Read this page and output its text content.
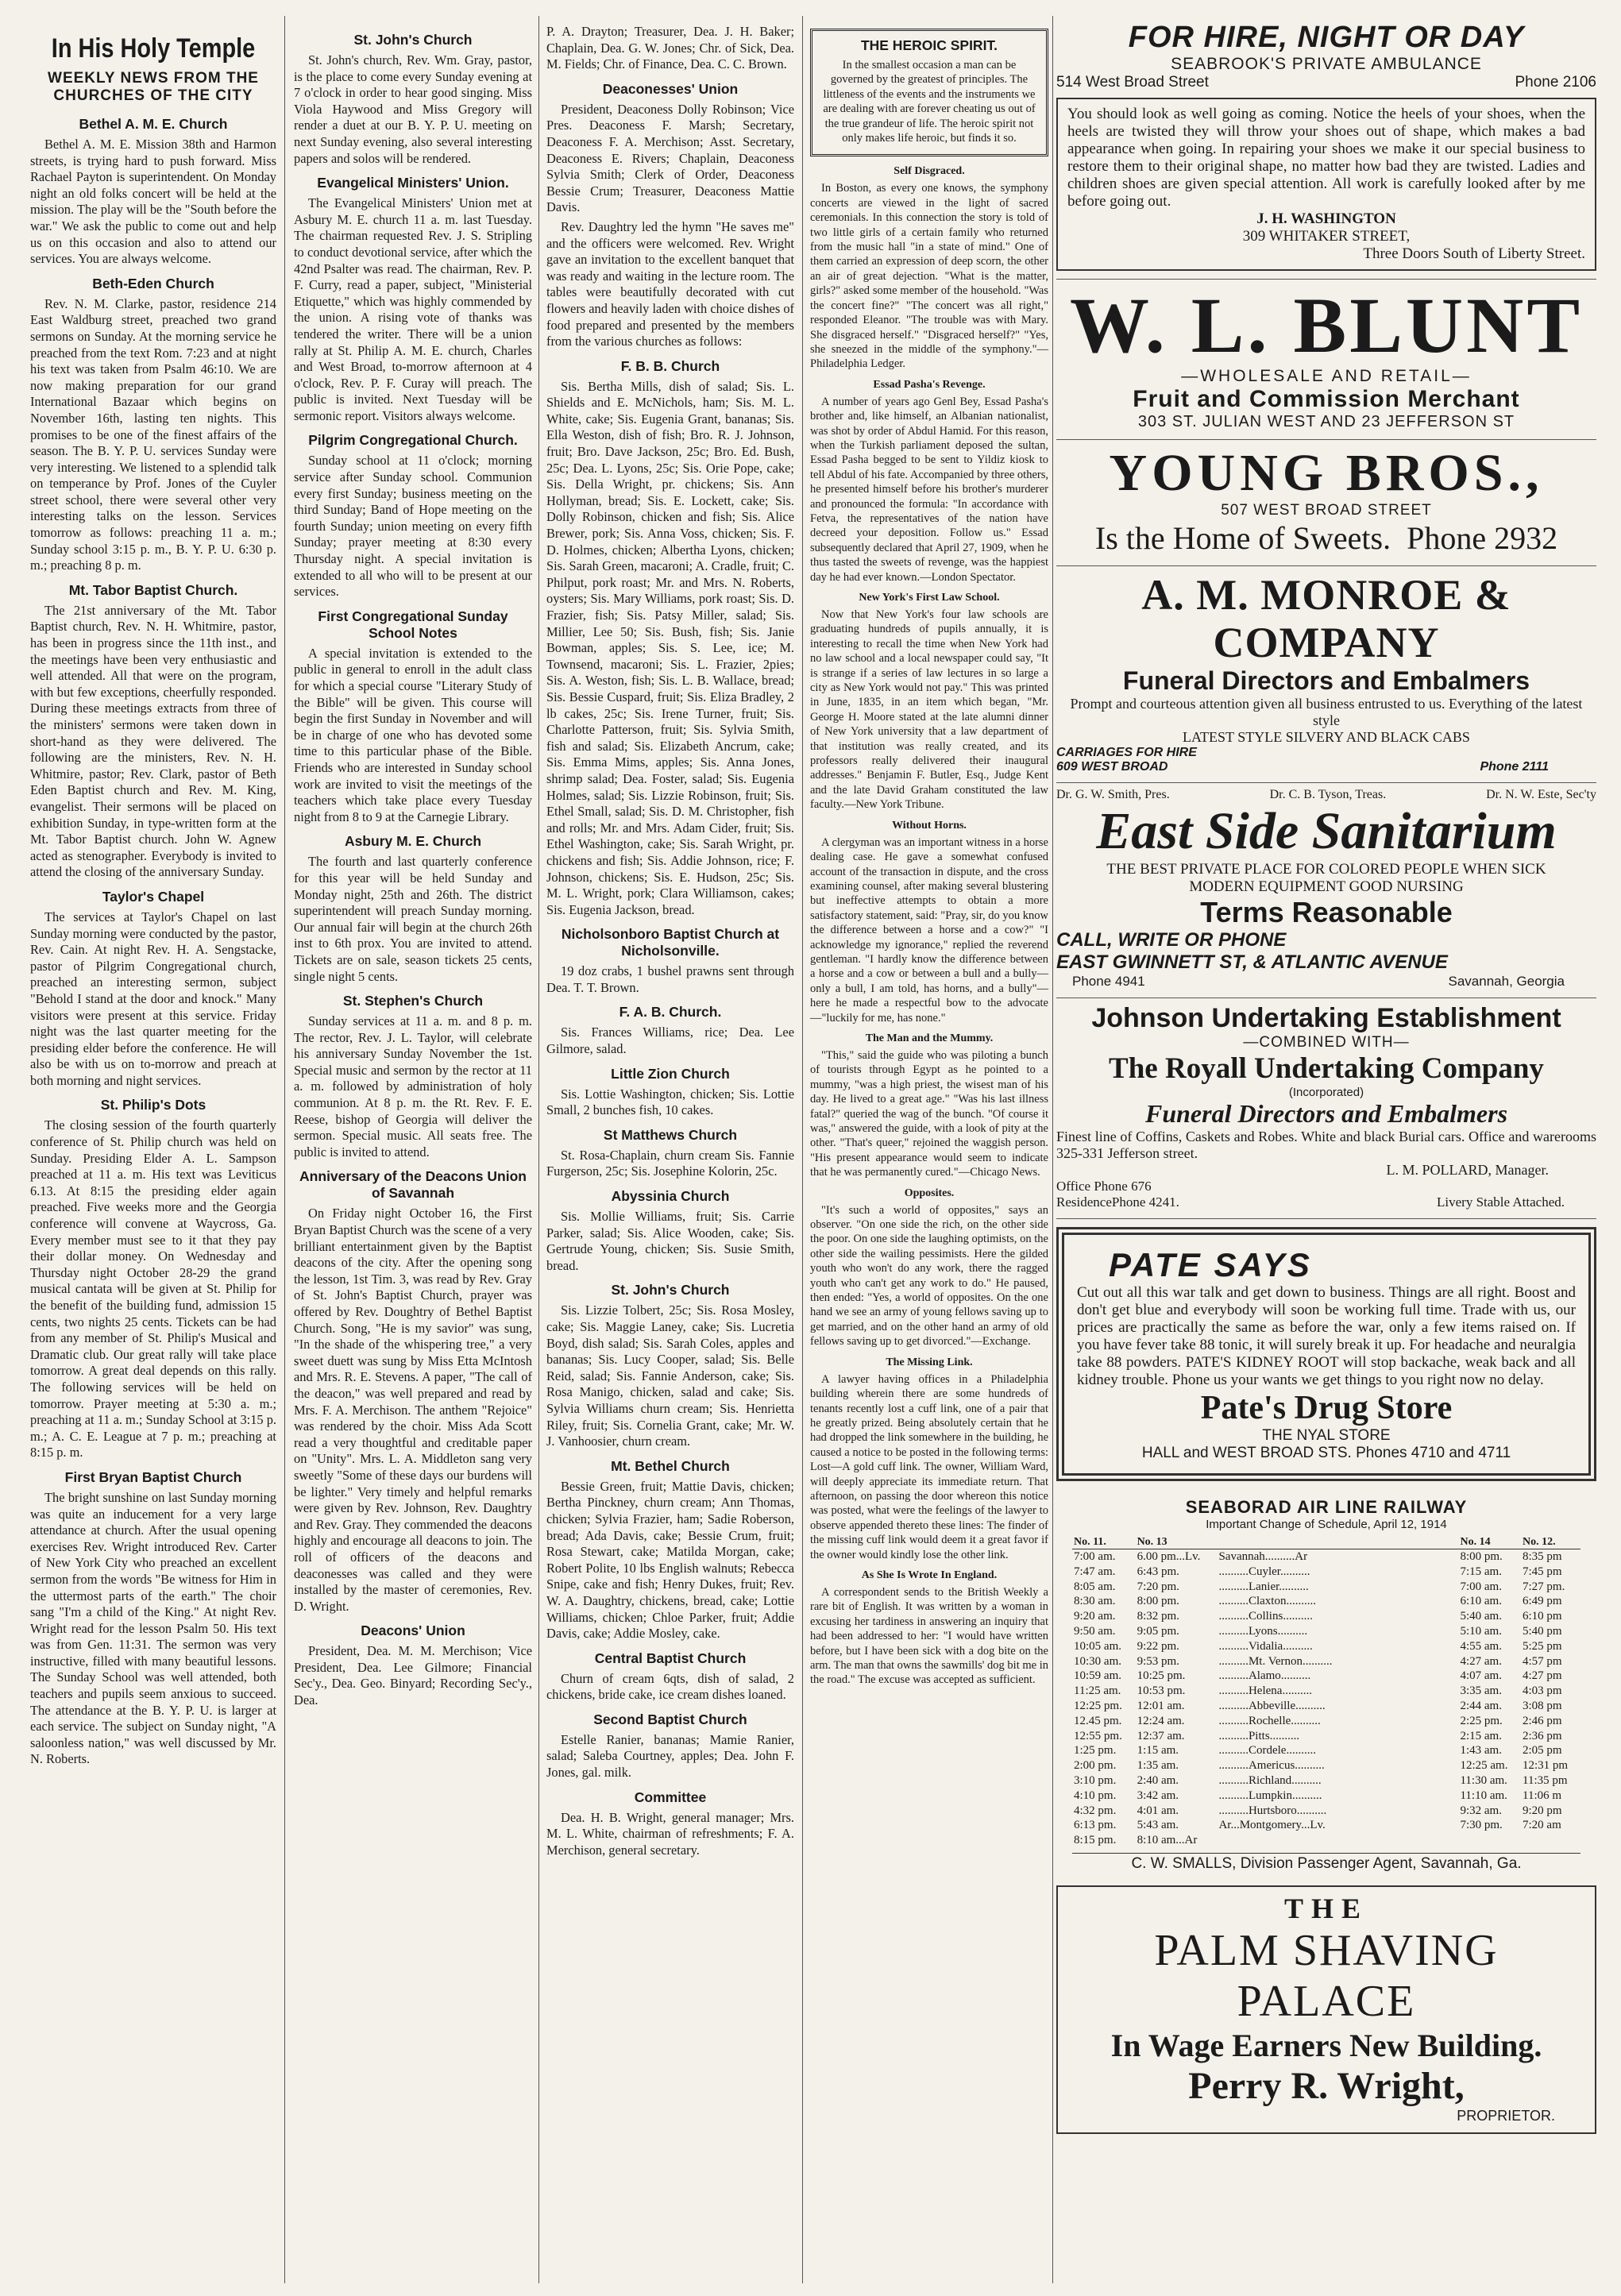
In His Holy Temple
WEEKLY NEWS FROM THE CHURCHES OF THE CITY
Bethel A. M. E. Church

Bethel A. M. E. Mission 38th and Harmon streets, is trying hard to push forward. Miss Rachael Payton is superintendent. On Monday night an old folks concert will be held at the mission. The play will be the "South before the war." We ask the public to come out and help us on this occasion and also to attend our services. You are always welcome.

Beth-Eden Church

Rev. N. M. Clarke, pastor, residence 214 East Waldburg street, preached two grand sermons on Sunday. At the morning service he preached from the text Rom. 7:23 and at night his text was taken from Psalm 46:10. We are now making preparation for our grand International Bazaar which begins on November 16th, lasting ten nights. This promises to be one of the finest affairs of the season. The B. Y. P. U. services Sunday were very interesting. We listened to a splendid talk on temperance by Prof. Jones of the Cuyler street school, there were several other very interesting talks on the lesson. Services tomorrow as follows: preaching 11 a. m.; Sunday school 3:15 p. m., B. Y. P. U. 6:30 p. m.; preaching 8 p. m.

Mt. Tabor Baptist Church.

The 21st anniversary of the Mt. Tabor Baptist church, Rev. N. H. Whitmire, pastor, has been in progress since the 11th inst., and the meetings have been very enthusiastic and well attended. All that were on the program, with but few exceptions, cheerfully responded. During these meetings extracts from three of the ministers' sermons were taken down in short-hand as they were delivered. The following are the ministers, Rev. N. H. Whitmire, pastor; Rev. Clark, pastor of Beth Eden Baptist church and Rev. M. King, evangelist. Their sermons will be placed on exhibition Sunday, in type-written form at the Mt. Tabor Baptist church. John W. Agnew acted as stenographer. Everybody is invited to attend the closing of the anniversary Sunday.

Taylor's Chapel

The services at Taylor's Chapel on last Sunday morning were conducted by the pastor, Rev. Cain. At night Rev. H. A. Sengstacke, pastor of Pilgrim Congregational church, preached an interesting sermon, subject "Behold I stand at the door and knock." Many visitors were present at this service. Friday night was the last quarter meeting for the presiding elder before the conference. He will also be with us on to-morrow and preach at both morning and night services.

St. Philip's Dots

The closing session of the fourth quarterly conference of St. Philip church was held on Sunday. Presiding Elder A. L. Sampson preached at 11 a. m. His text was Leviticus 6.13. At 8:15 the presiding elder again preached. Five weeks more and the Georgia conference will convene at Waycross, Ga. Every member must see to it that they pay their dollar money. On Wednesday and Thursday night October 28-29 the grand musical cantata will be given at St. Philip for the benefit of the building fund, admission 15 cents, two nights 25 cents. Tickets can be had from any member of St. Philip's Musical and Dramatic club. Our great rally will take place tomorrow. A great deal depends on this rally. The following services will be held on tomorrow. Prayer meeting at 5:30 a. m.; preaching at 11 a. m.; Sunday School at 3:15 p. m.; A. C. E. League at 7 p. m.; preaching at 8:15 p. m.

First Bryan Baptist Church

The bright sunshine on last Sunday morning was quite an inducement for a very large attendance at church. After the usual opening exercises Rev. Wright introduced Rev. Carter of New York City who preached an excellent sermon from the words "Be witness for Him in the uttermost parts of the earth." The choir sang "I'm a child of the King." At night Rev. Wright read for the lesson Psalm 50. His text was from Gen. 11:31. The sermon was very instructive, filled with many beautiful lessons. The Sunday School was well attended, both teachers and pupils seem anxious to succeed. The attendance at the B. Y. P. U. is larger at each service. The subject on Sunday night, "A saloonless nation," was well discussed by Mr. N. Roberts.

St. John's Church

St. John's church, Rev. Wm. Gray, pastor, is the place to come every Sunday evening at 7 o'clock in order to hear good singing. Miss Viola Haywood and Miss Gregory will render a duet at our B. Y. P. U. meeting on next Sunday evening, also several interesting papers and solos will be rendered.

Evangelical Ministers' Union.

The Evangelical Ministers' Union met at Asbury M. E. church 11 a. m. last Tuesday. The chairman requested Rev. J. S. Stripling to conduct devotional service, after which the 42nd Psalter was read. The chairman, Rev. P. F. Curry, read a paper, subject, "Ministerial Etiquette," which was highly commended by the union. A rising vote of thanks was tendered the writer. There will be a union rally at St. Philip A. M. E. church, Charles and West Broad, to-morrow afternoon at 4 o'clock, Rev. P. F. Curay will preach. The public is invited. Next Tuesday will be sermonic report. Visitors always welcome.

Pilgrim Congregational Church.

Sunday school at 11 o'clock; morning service after Sunday school. Communion every first Sunday; business meeting on the third Sunday; Band of Hope meeting on the fourth Sunday; union meeting on every fifth Sunday; prayer meeting at 8:30 every Thursday night. A special invitation is extended to all who will to be present at our services.

First Congregational Sunday School Notes

A special invitation is extended to the public in general to enroll in the adult class for which a special course "Literary Study of the Bible" will be given. This course will begin the first Sunday in November and will be in charge of one who has devoted some time to this particular phase of the Bible. Friends who are interested in Sunday school work are invited to visit the meetings of the teachers which take place every Tuesday night from 8 to 9 at the Carnegie Library.

Asbury M. E. Church

The fourth and last quarterly conference for this year will be held Sunday and Monday night, 25th and 26th. The district superintendent will preach Sunday morning. Our annual fair will begin at the church 26th inst to 6th prox. You are invited to attend. Tickets are on sale, season tickets 25 cents, single night 5 cents.

St. Stephen's Church

Sunday services at 11 a. m. and 8 p. m. The rector, Rev. J. L. Taylor, will celebrate his anniversary Sunday November the 1st. Special music and sermon by the rector at 11 a. m. followed by administration of holy communion. At 8 p. m. the Rt. Rev. F. E. Reese, bishop of Georgia will deliver the sermon. Special music. All seats free. The public is invited to attend.

Anniversary of the Deacons Union of Savannah

On Friday night October 16, the First Bryan Baptist Church was the scene of a very brilliant entertainment given by the Baptist deacons of the city. After the opening song the lesson, 1st Tim. 3, was read by Rev. Gray of St. John's Baptist Church, prayer was offered by Rev. Doughtry of Bethel Baptist Church. Song, "He is my savior" was sung, "In the shade of the whispering tree," a very sweet duett was sung by Miss Etta McIntosh and Mrs. R. E. Stevens. A paper, "The call of the deacon," was well prepared and read by Mrs. F. A. Merchison. The anthem "Rejoice" was rendered by the choir. Miss Ada Scott read a very thoughtful and creditable paper on "Unity". Mrs. L. A. Middleton sang very sweetly "Some of these days our burdens will be lighter." Very timely and helpful remarks were given by Rev. Johnson, Rev. Daughtry and Rev. Gray. They commended the deacons highly and encourage all deacons to join. The roll of officers of the deacons and deaconesses was called and they were installed by the master of ceremonies, Rev. D. Wright.

Deacons' Union

President, Dea. M. M. Merchison; Vice President, Dea. Lee Gilmore; Financial Sec'y., Dea. Geo. Binyard; Recording Sec'y., Dea.

P. A. Drayton; Treasurer, Dea. J. H. Baker; Chaplain, Dea. G. W. Jones; Chr. of Sick, Dea. M. Fields; Chr. of Finance, Dea. C. C. Brown.

Deaconesses' Union

President, Deaconess Dolly Robinson; Vice Pres. Deaconess F. Marsh; Secretary, Deaconess F. A. Merchison; Asst. Secretary, Deaconess E. Rivers; Chaplain, Deaconess Sylvia Smith; Clerk of Order, Deaconess Bessie Crum; Treasurer, Deaconess Mattie Davis.

Rev. Daughtry led the hymn "He saves me" and the officers were welcomed. Rev. Wright gave an invitation to the excellent banquet that was ready and waiting in the lecture room. The tables were beautifully decorated with cut flowers and heavily laden with choice dishes of food prepared and presented by the members from the various churches as follows:

F. B. B. Church

Sis. Bertha Mills, dish of salad; Sis. L. Shields and E. McNichols, ham; Sis. M. L. White, cake; Sis. Eugenia Grant, bananas; Sis. Ella Weston, dish of fish; Bro. R. J. Johnson, fruit; Bro. Dave Jackson, 25c; Bro. Ed. Bush, 25c; Dea. L. Lyons, 25c; Sis. Orie Pope, cake; Sis. Della Wright, pr. chickens; Sis. Ann Hollyman, bread; Sis. E. Lockett, cake; Sis. Dolly Robinson, chicken and fish; Sis. Alice Brewer, pork; Sis. Anna Voss, chicken; Sis. F. D. Holmes, chicken; Albertha Lyons, chicken; Sis. Sarah Green, macaroni; A. Cradle, fruit; C. Philput, pork roast; Mr. and Mrs. N. Roberts, oysters; Sis. Mary Williams, pork roast; Sis. D. Frazier, fish; Sis. Patsy Miller, salad; Sis. Millier, Lee 50; Sis. Bush, fish; Sis. Janie Bowman, apples; Sis. S. Lee, ice; M. Townsend, macaroni; Sis. L. Frazier, 2pies; Sis. A. Weston, fish; Sis. L. B. Wallace, bread; Sis. Bessie Cuspard, fruit; Sis. Eliza Bradley, 2 lb cakes, 25c; Sis. Irene Turner, fruit; Sis. Charlotte Patterson, fruit; Sis. Sylvia Smith, fish and salad; Sis. Elizabeth Ancrum, cake; Sis. Emma Mims, apples; Sis. Anna Jones, shrimp salad; Dea. Foster, salad; Sis. Eugenia Holmes, salad; Sis. Lizzie Robinson, fruit; Sis. Ethel Small, salad; Sis. D. M. Christopher, fish and rolls; Mr. and Mrs. Adam Cider, fruit; Sis. Ethel Washington, cake; Sis. Sarah Wright, pr. chickens and fish; Sis. Addie Johnson, rice; F. Johnson, chickens; Sis. E. Hudson, 25c; Sis. M. L. Wright, pork; Clara Williamson, cakes; Sis. Eugenia Jackson, bread.

Nicholsonboro Baptist Church at Nicholsonville.

19 doz crabs, 1 bushel prawns sent through Dea. T. T. Brown.

F. A. B. Church.

Sis. Frances Williams, rice; Dea. Lee Gilmore, salad.

Little Zion Church

Sis. Lottie Washington, chicken; Sis. Lottie Small, 2 bunches fish, 10 cakes.

St Matthews Church

St. Rosa-Chaplain, churn cream Sis. Fannie Furgerson, 25c; Sis. Josephine Kolorin, 25c.

Abyssinia Church

Sis. Mollie Williams, fruit; Sis. Carrie Parker, salad; Sis. Alice Wooden, cake; Sis. Gertrude Young, chicken; Sis. Susie Smith, bread.

St. John's Church

Sis. Lizzie Tolbert, 25c; Sis. Rosa Mosley, cake; Sis. Maggie Laney, cake; Sis. Lucretia Boyd, dish salad; Sis. Sarah Coles, apples and bananas; Sis. Lucy Cooper, salad; Sis. Belle Reid, salad; Sis. Fannie Anderson, cake; Sis. Rosa Manigo, chicken, salad and cake; Sis. Sylvia Williams churn cream; Sis. Henrietta Riley, fruit; Sis. Cornelia Grant, cake; Mr. W. J. Vanhoosier, churn cream.

Mt. Bethel Church

Bessie Green, fruit; Mattie Davis, chicken; Bertha Pinckney, churn cream; Ann Thomas, chicken; Sylvia Frazier, ham; Sadie Roberson, bread; Ada Davis, cake; Bessie Crum, fruit; Rosa Stewart, cake; Matilda Morgan, cake; Robert Polite, 10 lbs English walnuts; Rebecca Snipe, cake and fish; Henry Dukes, fruit; Rev. W. A. Daughtry, chickens, bread, cake; Lottie Williams, chicken; Chloe Parker, fruit; Addie Davis, cake; Addie Mosley, cake.

Central Baptist Church

Churn of cream 6qts, dish of salad, 2 chickens, bride cake, ice cream dishes loaned.

Second Baptist Church

Estelle Ranier, bananas; Mamie Ranier, salad; Saleba Courtney, apples; Dea. John F. Jones, gal. milk.

Committee

Dea. H. B. Wright, general manager; Mrs. M. L. White, chairman of refreshments; F. A. Merchison, general secretary.

THE HEROIC SPIRIT.

In the smallest occasion a man can be governed by the greatest of principles. The littleness of the events and the instruments we are dealing with are forever cheating us out of the true grandeur of life. The heroic spirit not only makes life heroic, but finds it so.

Self Disgraced.

In Boston, as every one knows, the symphony concerts are viewed in the light of sacred ceremonials. In this connection the story is told of two little girls of a certain family who returned from the music hall "in a state of mind." One of them carried an expression of deep scorn, the other an air of great dejection. "What is the matter, girls?" asked some member of the household. "Was the concert fine?" "The concert was all right," responded Eleanor. "The trouble was with Mary. She disgraced herself." "Disgraced herself?" "Yes, she sneezed in the middle of the symphony."—Philadelphia Ledger.

Essad Pasha's Revenge.

A number of years ago Genl Bey, Essad Pasha's brother and, like himself, an Albanian nationalist, was shot by order of Abdul Hamid. For this reason, when the Turkish parliament deposed the sultan, Essad Pasha begged to be sent to Yildiz kiosk to tell Abdul of his fate. Accompanied by three others, he presented himself before his brother's murderer and pronounced the formula: "In accordance with Fetva, the representatives of the nation have decreed your deposition. Follow us." Essad subsequently declared that April 27, 1909, when he thus tasted the sweets of revenge, was the happiest day he had ever known.—London Spectator.

New York's First Law School.

Now that New York's four law schools are graduating hundreds of pupils annually, it is interesting to recall the time when New York had no law school and a local newspaper could say, "It is strange if a series of law lectures in so large a city as New York would not pay." This was printed in June, 1835, in an item which began, "Mr. George H. Moore stated at the late alumni dinner of New York university that a law department of that institution was really created, and its professors really delivered their inaugural addresses." Benjamin F. Butler, Esq., Judge Kent and the late David Graham constituted the law faculty.—New York Tribune.

Without Horns.

A clergyman was an important witness in a horse dealing case. He gave a somewhat confused account of the transaction in dispute, and the cross examining counsel, after making several blustering but ineffective attempts to obtain a more satisfactory statement, said: "Pray, sir, do you know the difference between a horse and a cow?" "I acknowledge my ignorance," replied the reverend gentleman. "I hardly know the difference between a horse and a cow or between a bull and a bully—only a bull, I am told, has horns, and a bully"—here he made a respectful bow to the advocate—"luckily for me, has none."

The Man and the Mummy.

"This," said the guide who was piloting a bunch of tourists through Egypt as he pointed to a mummy, "was a high priest, the wisest man of his day. He lived to a great age." "Was his last illness fatal?" queried the wag of the bunch. "Of course it was," answered the guide, with a look of pity at the other. "That's queer," rejoined the waggish person. "His present appearance would seem to indicate that he was permanently cured."—Chicago News.

Opposites.

"It's such a world of opposites," says an observer. "On one side the rich, on the other side the poor. On one side the laughing optimists, on the other side the wailing pessimists. Here the gilded youth who won't do any work, there the ragged youth who can't get any work to do." He paused, then ended: "Yes, a world of opposites. On the one hand we see an army of young fellows saving up to get married, and on the other hand an army of old fellows saving up to get divorced."—Exchange.

The Missing Link.

A lawyer having offices in a Philadelphia building wherein there are some hundreds of tenants recently lost a cuff link, one of a pair that he greatly prized. Being absolutely certain that he had dropped the link somewhere in the building, he caused a notice to be posted in the following terms: Lost—A gold cuff link. The owner, William Ward, will deeply appreciate its immediate return. That afternoon, on passing the door whereon this notice was posted, what were the feelings of the lawyer to observe appended thereto these lines: The finder of the missing cuff link would deem it a great favor if the owner would kindly lose the other link.

As She Is Wrote In England.

A correspondent sends to the British Weekly a rare bit of English. It was written by a woman in excusing her tardiness in answering an inquiry that had been addressed to her: "I would have written before, but I have been sick with a dog bite on the arm. The man that owns the sawmills' dog bit me in the road." The excuse was accepted as sufficient.

FOR HIRE, NIGHT OR DAY
SEABROOK'S PRIVATE AMBULANCE
514 West Broad Street	Phone 2106
You should look as well going as coming. Notice the heels of your shoes, when the heels are twisted they will throw your shoes out of shape, which makes a bad appearance when going. In repairing your shoes we make it our special business to restore them to their original shape, no matter how bad they are twisted. Ladies and children shoes are given special attention. All work is carefully looked after by me before going out.
J. H. WASHINGTON
309 WHITAKER STREET,
Three Doors South of Liberty Street.
W. L. BLUNT
—WHOLESALE AND RETAIL—
Fruit and Commission Merchant
303 ST. JULIAN WEST AND 23 JEFFERSON ST
YOUNG BROS.,
507 WEST BROAD STREET
Is the Home of Sweets. Phone 2932
A. M. MONROE & COMPANY
Funeral Directors and Embalmers
Prompt and courteous attention given all business entrusted to us. Everything of the latest style
LATEST STYLE SILVERY AND BLACK CABS
CARRIAGES FOR HIRE
609 WEST BROAD	Phone 2111
Dr. G. W. Smith, Pres.	Dr. C. B. Tyson, Treas.	Dr. N. W. Este, Sec'ty
East Side Sanitarium
THE BEST PRIVATE PLACE FOR COLORED PEOPLE WHEN SICK
MODERN EQUIPMENT GOOD NURSING
Terms Reasonable
CALL, WRITE OR PHONE
EAST GWINNETT ST, & ATLANTIC AVENUE
Phone 4941	Savannah, Georgia
Johnson Undertaking Establishment
—COMBINED WITH—
The Royall Undertaking Company
(Incorporated)
Funeral Directors and Embalmers
Finest line of Coffins, Caskets and Robes. White and black Burial cars. Office and warerooms 325-331 Jefferson street.
L. M. POLLARD, Manager.
Office Phone 676
ResidencePhone 4241.	Livery Stable Attached.
PATE SAYS
Cut out all this war talk and get down to business. Things are all right. Boost and don't get blue and everybody will soon be working full time. Trade with us, our prices are practically the same as before the war, only a few items raised on. If you have fever take 88 tonic, it will surely break it up. For headache and neuralgia take 88 powders. PATE'S KIDNEY ROOT will stop backache, weak back and all kidney trouble. Phone us your wants we get things to you right now no delay.
Pate's Drug Store
THE NYAL STORE
HALL and WEST BROAD STS. Phones 4710 and 4711
SEABORAD AIR LINE RAILWAY
Important Change of Schedule, April 12, 1914
No. 11.	No. 13		No. 14	No. 12.
7:00 am.	6.00 pm...Lv.	Savannah..........Ar	8:00 pm.	8:35 pm
7:47 am.	6:43 pm.	..........Cuyler..........	7:15 am.	7:45 pm
8:05 am.	7:20 pm.	..........Lanier..........	7:00 am.	7:27 pm.
8:30 am.	8:00 pm.	..........Claxton..........	6:10 am.	6:49 pm
9:20 am.	8:32 pm.	..........Collins..........	5:40 am.	6:10 pm
9:50 am.	9:05 pm.	..........Lyons..........	5:10 am.	5:40 pm
10:05 am.	9:22 pm.	..........Vidalia..........	4:55 am.	5:25 pm
10:30 am.	9:53 pm.	..........Mt. Vernon..........	4:27 am.	4:57 pm
10:59 am.	10:25 pm.	..........Alamo..........	4:07 am.	4:27 pm
11:25 am.	10:53 pm.	..........Helena..........	3:35 am.	4:03 pm
12:25 pm.	12:01 am.	..........Abbeville..........	2:44 am.	3:08 pm
12.45 pm.	12:24 am.	..........Rochelle..........	2:25 pm.	2:46 pm
12:55 pm.	12:37 am.	..........Pitts..........	2:15 am.	2:36 pm
1:25 pm.	1:15 am.	..........Cordele..........	1:43 am.	2:05 pm
2:00 pm.	1:35 am.	..........Americus..........	12:25 am.	12:31 pm
3:10 pm.	2:40 am.	..........Richland..........	11:30 am.	11:35 pm
4:10 pm.	3:42 am.	..........Lumpkin..........	11:10 am.	11:06 m
4:32 pm.	4:01 am.	..........Hurtsboro..........	9:32 am.	9:20 pm
6:13 pm.	5:43 am.	Ar...Montgomery...Lv.	7:30 pm.	7:20 am
8:15 pm.	8:10 am...Ar			
C. W. SMALLS, Division Passenger Agent, Savannah, Ga.
THE
PALM SHAVING PALACE
In Wage Earners New Building.
Perry R. Wright,
PROPRIETOR.
